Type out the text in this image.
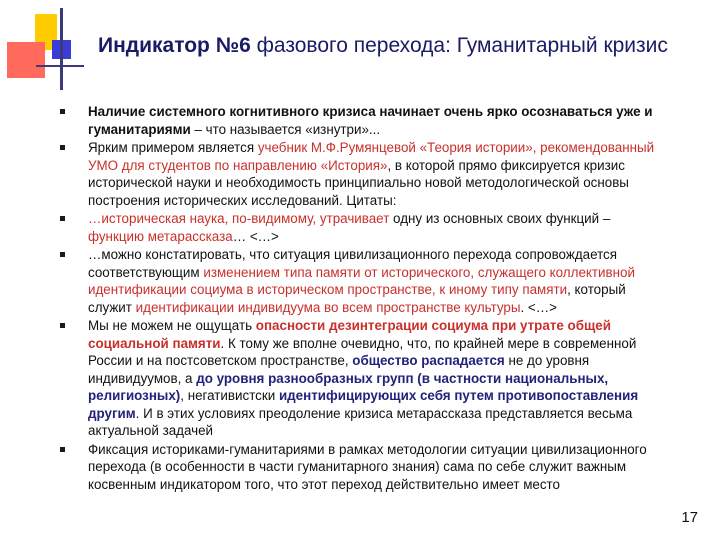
Индикатор №6 фазового перехода: Гуманитарный кризис
Наличие системного когнитивного кризиса начинает очень ярко осознаваться уже и гуманитариями – что называется «изнутри»...
Ярким примером является учебник М.Ф.Румянцевой «Теория истории», рекомендованный УМО для студентов по направлению «История», в которой прямо фиксируется кризис исторической науки и необходимость принципиально новой методологической основы построения исторических исследований. Цитаты:
…историческая наука, по-видимому, утрачивает одну из основных своих функций – функцию метарассказа… <…>
…можно констатировать, что ситуация цивилизационного перехода сопровождается соответствующим изменением типа памяти от исторического, служащего коллективной идентификации социума в историческом пространстве, к иному типу памяти, который служит идентификации индивидуума во всем пространстве культуры. <…>
Мы не можем не ощущать опасности дезинтеграции социума при утрате общей социальной памяти. К тому же вполне очевидно, что, по крайней мере в современной России и на постсоветском пространстве, общество распадается не до уровня индивидуумов, а до уровня разнообразных групп (в частности национальных, религиозных), негативистски идентифицирующих себя путем противопоставления другим. И в этих условиях преодоление кризиса метарассказа представляется весьма актуальной задачей
Фиксация историками-гуманитариями в рамках методологии ситуации цивилизационного перехода (в особенности в части гуманитарного знания) сама по себе служит важным косвенным индикатором того, что этот переход действительно имеет место
17
